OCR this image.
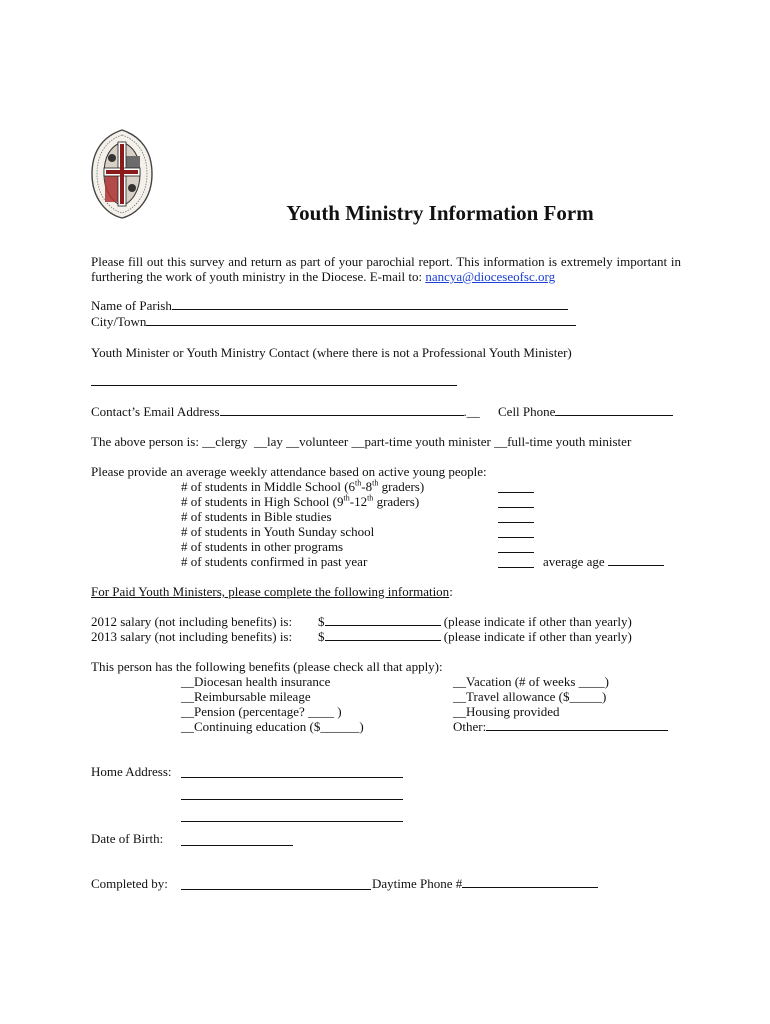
Youth Ministry Information Form
Please fill out this survey and return as part of your parochial report. This information is extremely important in furthering the work of youth ministry in the Diocese. E-mail to: nancya@dioceseofsc.org
Name of Parish
City/Town
Youth Minister or Youth Ministry Contact (where there is not a Professional Youth Minister)
Contact’s Email Address	.__ Cell Phone
The above person is: __clergy __lay __volunteer __part-time youth minister __full-time youth minister
Please provide an average weekly attendance based on active young people:
# of students in Middle School (6th-8th graders)
# of students in High School (9th-12th graders)
# of students in Bible studies
# of students in Youth Sunday school
# of students in other programs
# of students confirmed in past year	average age
For Paid Youth Ministers, please complete the following information:
2012 salary (not including benefits) is: $	(please indicate if other than yearly)
2013 salary (not including benefits) is: $	(please indicate if other than yearly)
This person has the following benefits (please check all that apply):
__Diocesan health insurance
__Reimbursable mileage
__Pension (percentage? ____ )
__Continuing education ($______)
__Vacation (# of weeks ____)
__Travel allowance ($_____)
__Housing provided
Other:
Home Address:
Date of Birth:
Completed by:	Daytime Phone #
